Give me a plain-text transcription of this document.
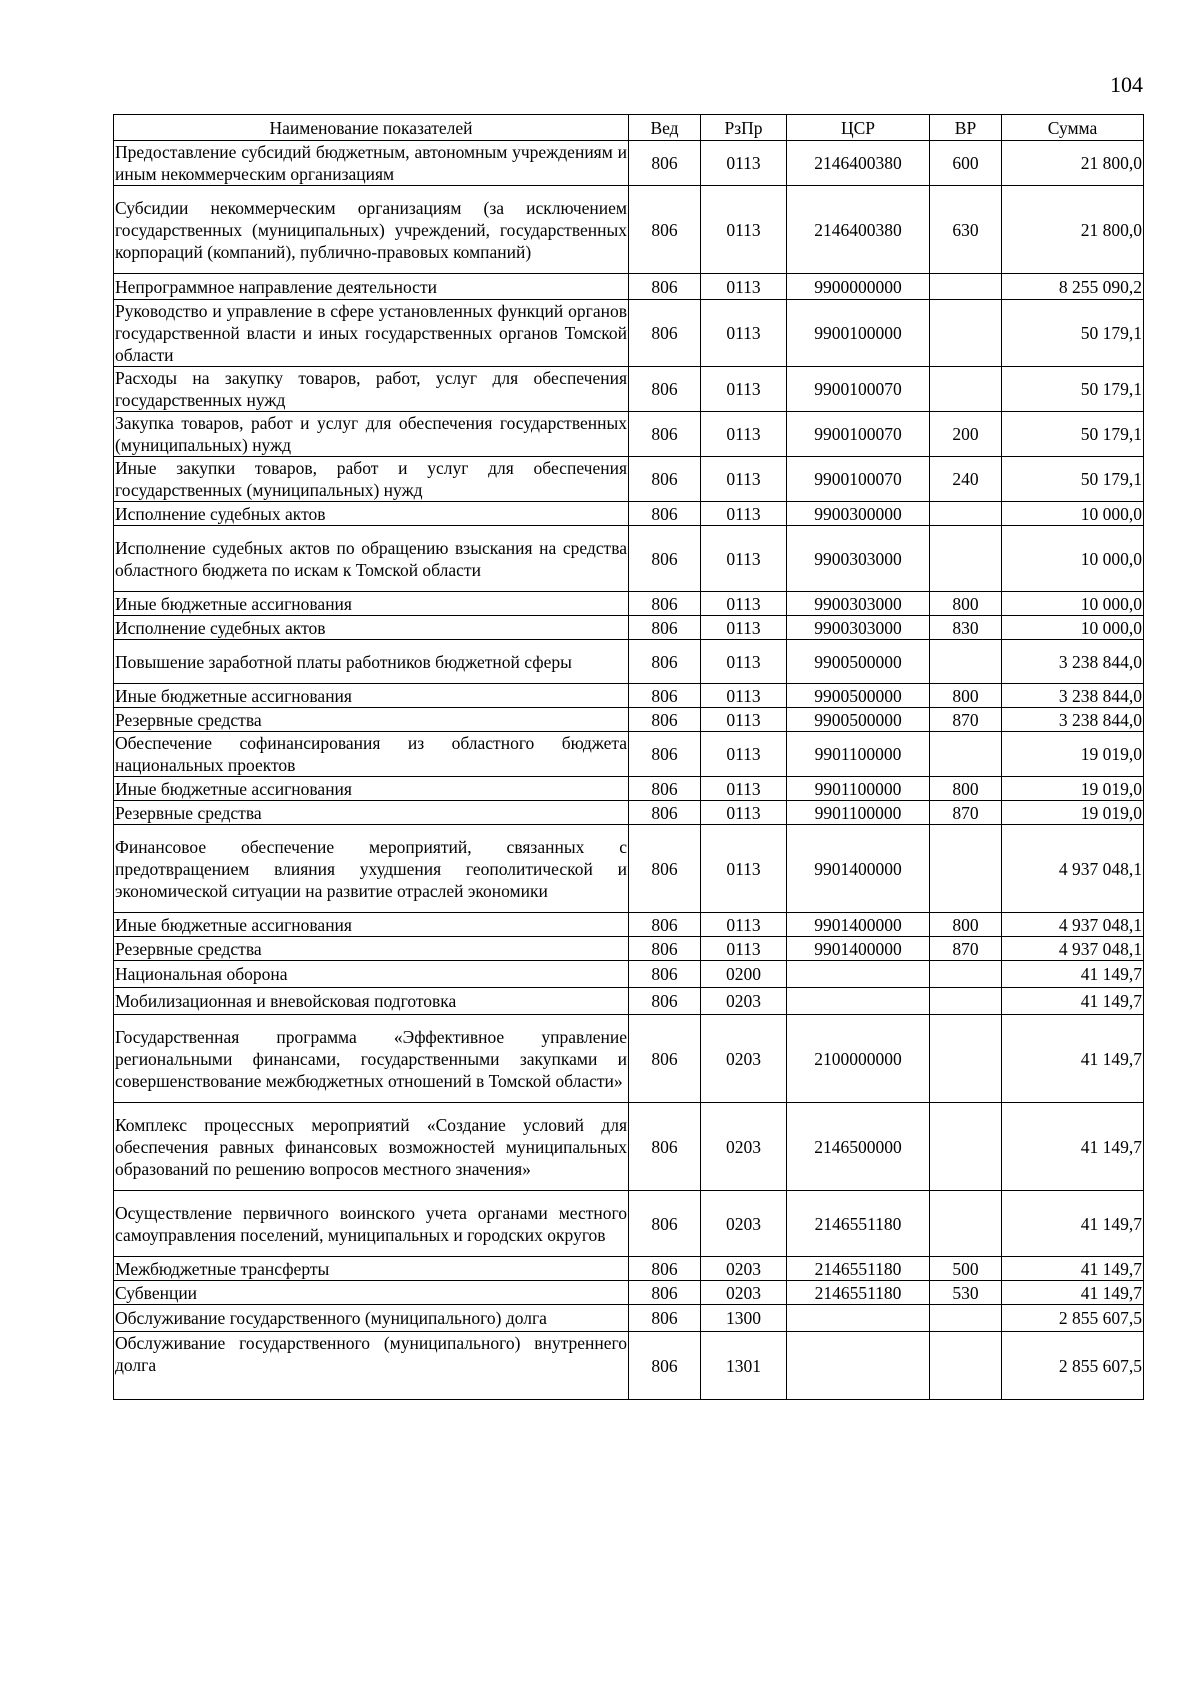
104
Наименование показателей	Вед	РзПр	ЦСР	ВР	Сумма
Предоставление субсидий бюджетным, автономным учреждениям и иным некоммерческим организациям	806	0113	2146400380	600	21 800,0
Субсидии некоммерческим организациям (за исключением государственных (муниципальных) учреждений, государственных корпораций (компаний), публично-правовых компаний)	806	0113	2146400380	630	21 800,0
Непрограммное направление деятельности	806	0113	9900000000		8 255 090,2
Руководство и управление в сфере установленных функций органов государственной власти и иных государственных органов Томской области	806	0113	9900100000		50 179,1
Расходы на закупку товаров, работ, услуг для обеспечения государственных нужд	806	0113	9900100070		50 179,1
Закупка товаров, работ и услуг для обеспечения государственных (муниципальных) нужд	806	0113	9900100070	200	50 179,1
Иные закупки товаров, работ и услуг для обеспечения государственных (муниципальных) нужд	806	0113	9900100070	240	50 179,1
Исполнение судебных актов	806	0113	9900300000		10 000,0
Исполнение судебных актов по обращению взыскания на средства областного бюджета по искам к Томской области	806	0113	9900303000		10 000,0
Иные бюджетные ассигнования	806	0113	9900303000	800	10 000,0
Исполнение судебных актов	806	0113	9900303000	830	10 000,0
Повышение заработной платы работников бюджетной сферы	806	0113	9900500000		3 238 844,0
Иные бюджетные ассигнования	806	0113	9900500000	800	3 238 844,0
Резервные средства	806	0113	9900500000	870	3 238 844,0
Обеспечение софинансирования из областного бюджета национальных проектов	806	0113	9901100000		19 019,0
Иные бюджетные ассигнования	806	0113	9901100000	800	19 019,0
Резервные средства	806	0113	9901100000	870	19 019,0
Финансовое обеспечение мероприятий, связанных с предотвращением влияния ухудшения геополитической и экономической ситуации на развитие отраслей экономики	806	0113	9901400000		4 937 048,1
Иные бюджетные ассигнования	806	0113	9901400000	800	4 937 048,1
Резервные средства	806	0113	9901400000	870	4 937 048,1
Национальная оборона	806	0200			41 149,7
Мобилизационная и вневойсковая подготовка	806	0203			41 149,7
Государственная программа «Эффективное управление региональными финансами, государственными закупками и совершенствование межбюджетных отношений в Томской области»	806	0203	2100000000		41 149,7
Комплекс процессных мероприятий «Создание условий для обеспечения равных финансовых возможностей муниципальных образований по решению вопросов местного значения»	806	0203	2146500000		41 149,7
Осуществление первичного воинского учета органами местного самоуправления поселений, муниципальных и городских округов	806	0203	2146551180		41 149,7
Межбюджетные трансферты	806	0203	2146551180	500	41 149,7
Субвенции	806	0203	2146551180	530	41 149,7
Обслуживание государственного (муниципального) долга	806	1300			2 855 607,5
Обслуживание государственного (муниципального) внутреннего долга	806	1301			2 855 607,5
